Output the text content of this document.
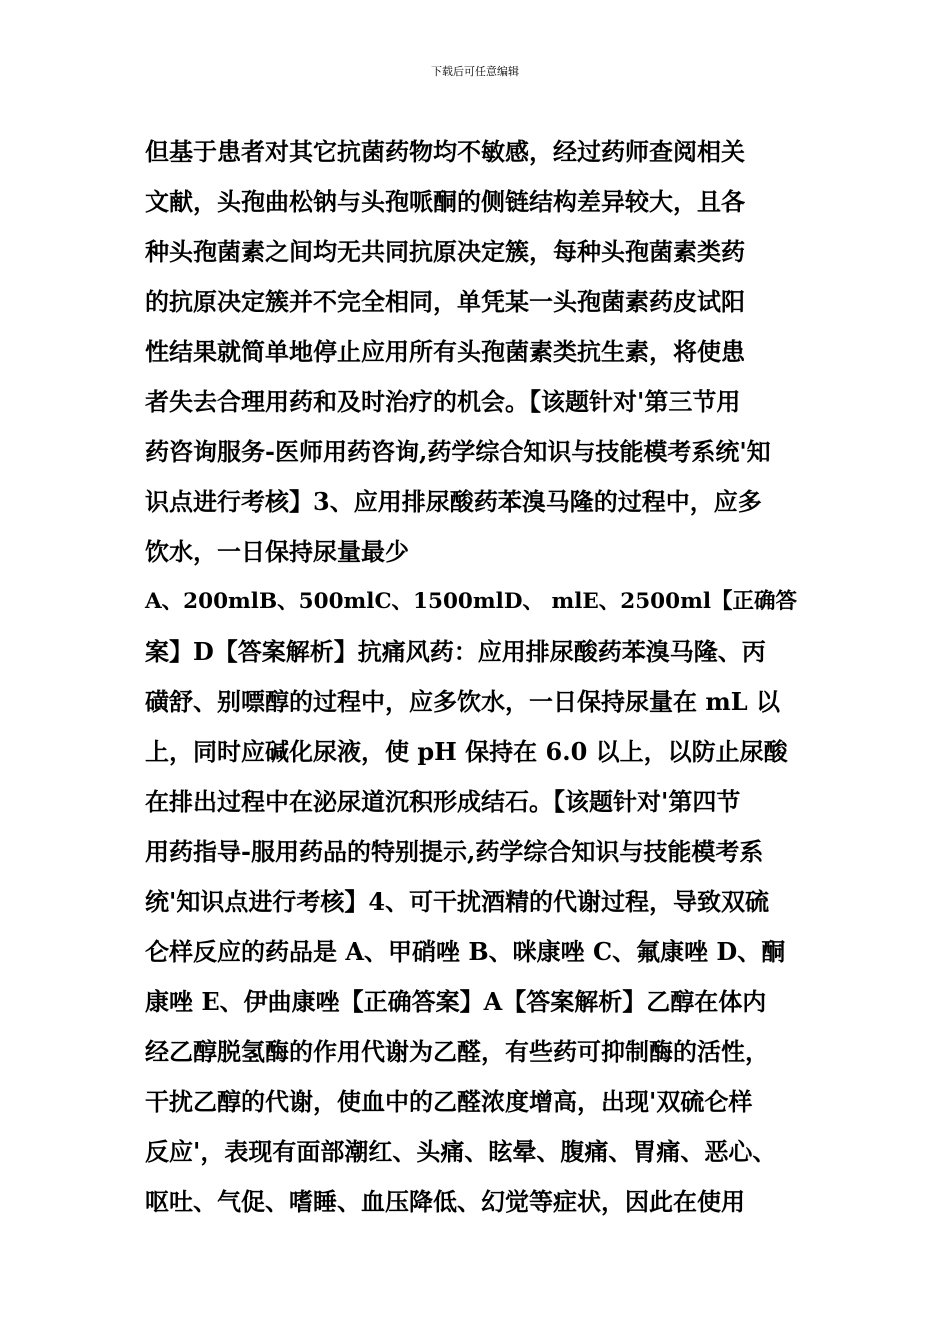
下载后可任意编辑
但基于患者对其它抗菌药物均不敏感，经过药师查阅相关
文献，头孢曲松钠与头孢哌酮的侧链结构差异较大，且各
种头孢菌素之间均无共同抗原决定簇，每种头孢菌素类药
的抗原决定簇并不完全相同，单凭某一头孢菌素药皮试阳
性结果就简单地停止应用所有头孢菌素类抗生素，将使患
者失去合理用药和及时治疗的机会。【该题针对'第三节用
药咨询服务-医师用药咨询,药学综合知识与技能模考系统'知
识点进行考核】3、应用排尿酸药苯溴马隆的过程中，应多
饮水，一日保持尿量最少
A、200mlB、500mlC、1500mlD、 mlE、2500ml【正确答
案】D【答案解析】抗痛风药：应用排尿酸药苯溴马隆、丙
磺舒、别嘌醇的过程中，应多饮水，一日保持尿量在 mL 以
上，同时应碱化尿液，使 pH 保持在 6.0 以上，以防止尿酸
在排出过程中在泌尿道沉积形成结石。【该题针对'第四节
用药指导-服用药品的特别提示,药学综合知识与技能模考系
统'知识点进行考核】4、可干扰酒精的代谢过程，导致双硫
仑样反应的药品是 A、甲硝唑 B、咪康唑 C、氟康唑 D、酮
康唑 E、伊曲康唑【正确答案】A【答案解析】乙醇在体内
经乙醇脱氢酶的作用代谢为乙醛，有些药可抑制酶的活性，
干扰乙醇的代谢，使血中的乙醛浓度增高，出现'双硫仑样
反应'，表现有面部潮红、头痛、眩晕、腹痛、胃痛、恶心、
呕吐、气促、嗜睡、血压降低、幻觉等症状，因此在使用
